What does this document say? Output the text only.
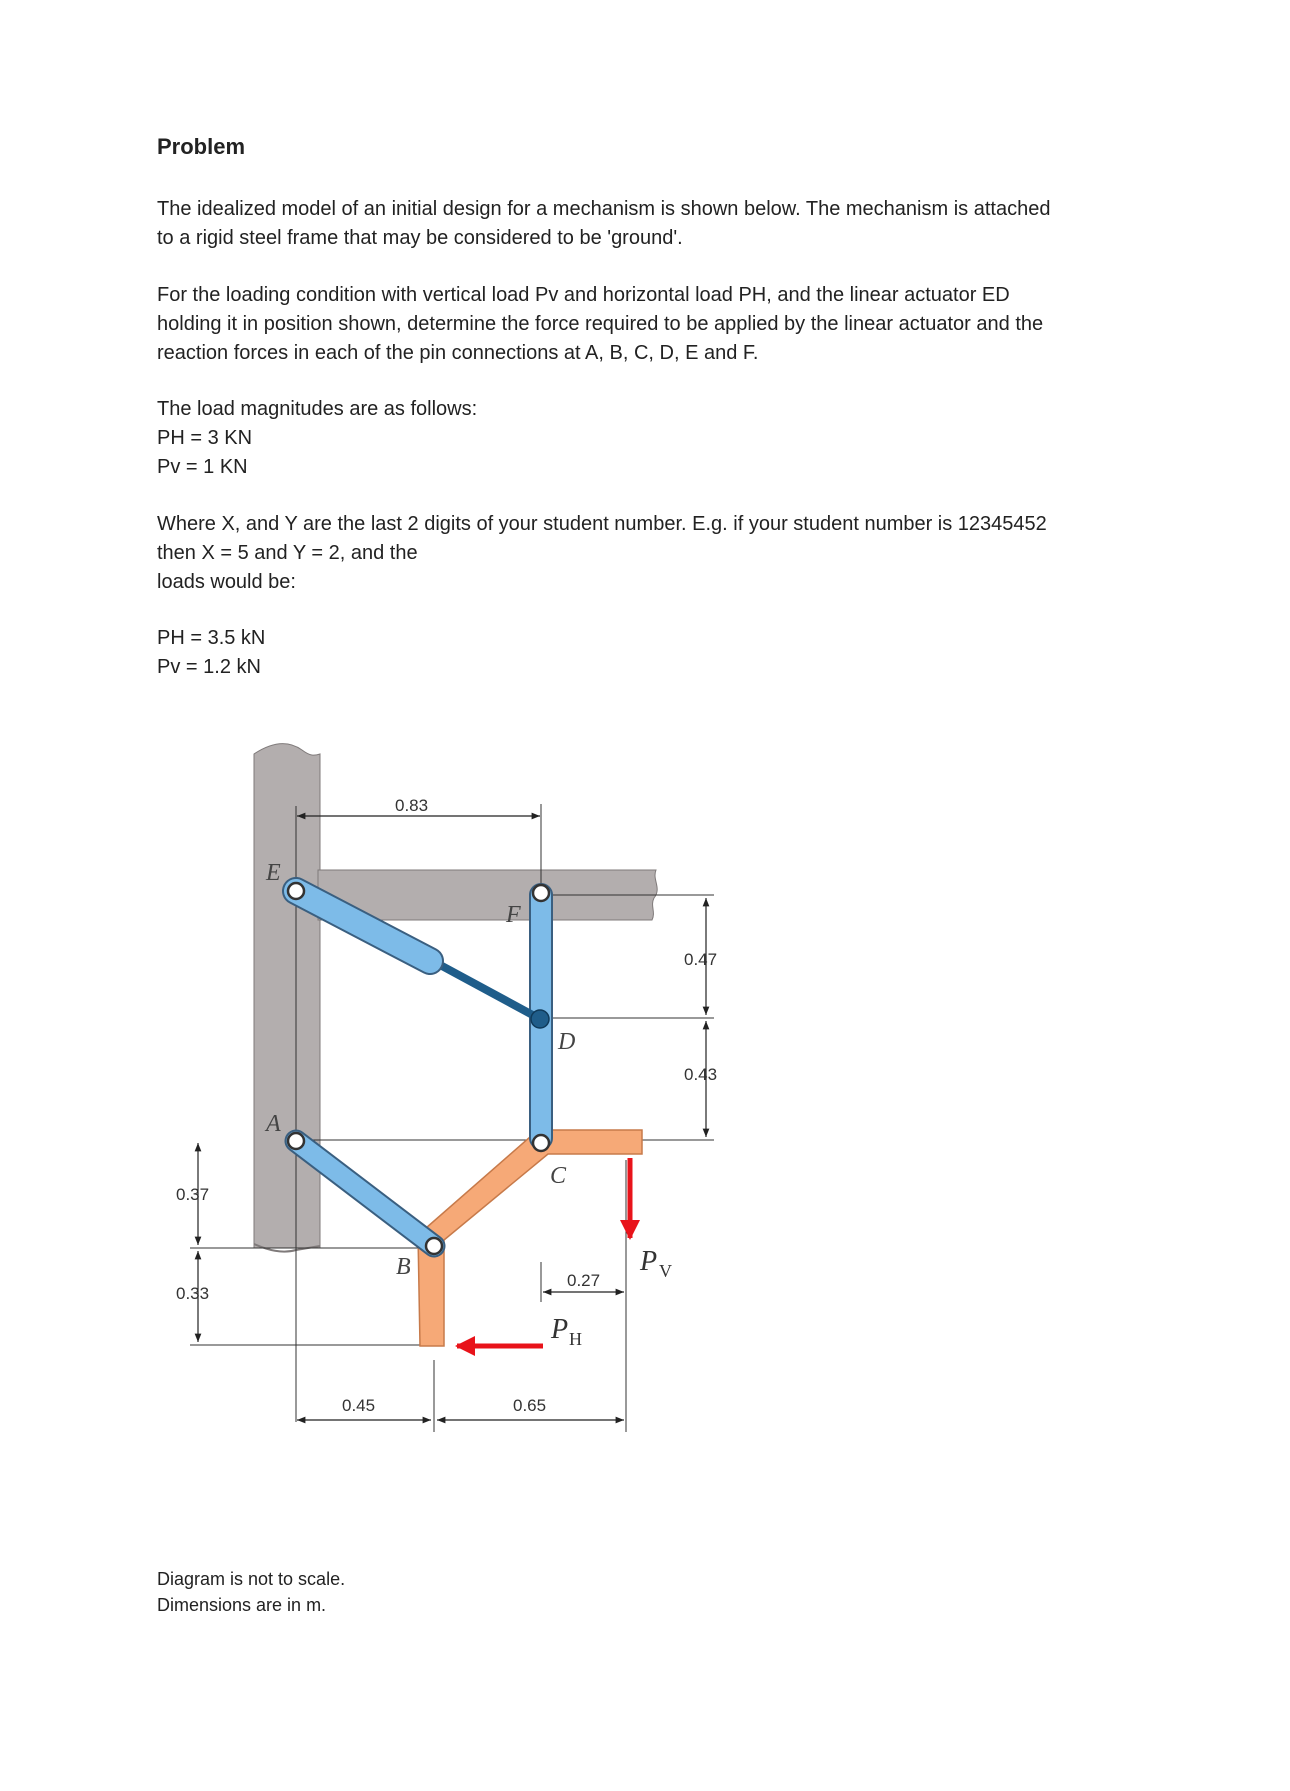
Problem

The idealized model of an initial design for a mechanism is shown below. The mechanism is attached
to a rigid steel frame that may be considered to be 'ground'.

For the loading condition with vertical load Pv and horizontal load PH, and the linear actuator ED
holding it in position shown, determine the force required to be applied by the linear actuator and the
reaction forces in each of the pin connections at A, B, C, D, E and F.

The load magnitudes are as follows:
PH = 3 KN
Pv = 1 KN

Where X, and Y are the last 2 digits of your student number. E.g. if your student number is 12345452
then X = 5 and Y = 2, and the
loads would be:

PH = 3.5 kN
Pv = 1.2 kN

Diagram is not to scale.
Dimensions are in m.
E
F
D
A
C
B	P V
P H
0.83
0.47
0.43
0.37
0.33
0.45	0.65
0.27
